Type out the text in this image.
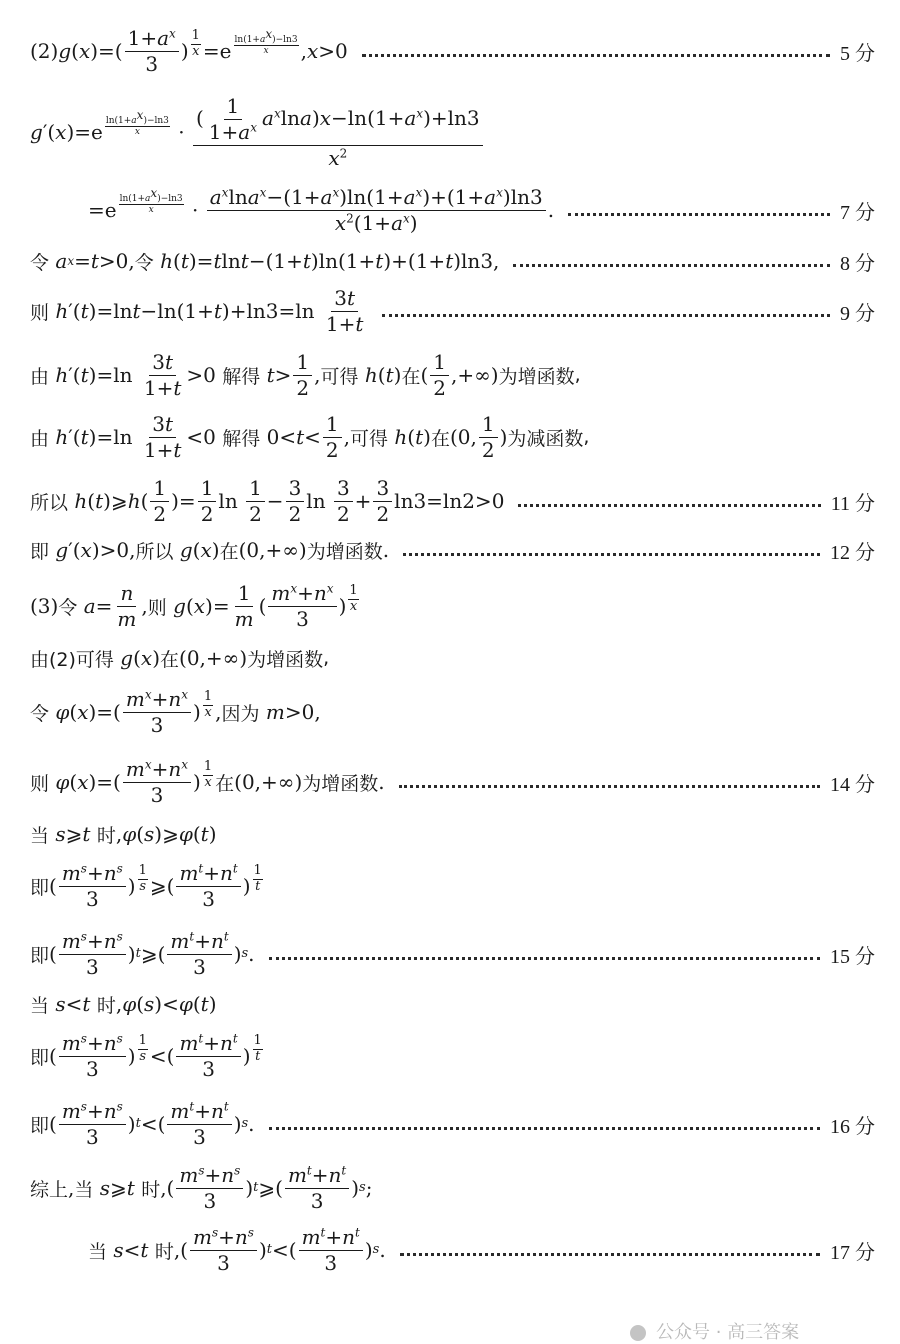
(2) g ( x )=( $\frac{1+a^x}{3}$ ) $\frac{1}{x} =e \frac{\ln(1+a^x)-\ln 3}{x}$ , x >0	5 分
g ′( x )$=e \frac{\ln(1+a^x)-\ln 3}{x} \cdot \frac{( \frac{1}{1+a^x} a^x\ln a)x-\ln(1+a^x)+\ln 3}{x^2}$
$=e \frac{\ln(1+a^x)-\ln 3}{x} \cdot \frac{a^x\ln a^x-(1+a^x)\ln(1+a^x)+(1+a^x)\ln 3}{x^2(1+a^x)}$ .	7 分
令
a x = t >0, 令
h ( t )= t ln t −(1+ t )ln(1+ t )+(1+ t )ln3,	8 分
则
h ′( t )=ln t −ln(1+ t )$+\ln 3=\ln \frac{3t}{1+t}$	9 分
由
h ′( t )$=\ln \frac{3t}{1+t} >0$ 解得
$t > \frac{1}{2}$ , 可得
h ( t ) 在 ( $\frac{1}{2}$ ,+∞) 为增函数 ,
由
h ′( t )$=\ln \frac{3t}{1+t} <0$ 解得 $0< t < \frac{1}{2}$ , 可得
h ( t ) 在 (0, $\frac{1}{2}$ ) 为减函数 ,
所以
h ( t )⩾ h ( $\frac{1}{2}$ )= $\frac{1}{2}$ $\ln \frac{1}{2} - \frac{3}{2}$ $\ln \frac{3}{2} + \frac{3}{2} \ln 3=\ln 2>0$	11 分
即
g ′( x )>0, 所以
g ( x ) 在 (0,+∞) 为增函数 .	12 分
(3) 令
$a = \frac{n}{m}$ , 则
g ( x )= $\frac{1}{m}$ ( $\frac{m^x+n^x}{3}$ ) $\frac{1}{x}$
由(2)可得
g ( x ) 在 (0,+∞) 为增函数 ,
令
φ ( x )=( $\frac{m^x+n^x}{3}$ ) $\frac{1}{x}$ , 因为
m >0,
则
φ ( x )=( $\frac{m^x+n^x}{3}$ ) $\frac{1}{x}$ 在 (0,+∞) 为增函数 .	14 分
当
s ⩾ t
时 , φ ( s )⩾ φ ( t )
即 ( $\frac{m^s+n^s}{3}$ ) $\frac{1}{s}$ ⩾( $\frac{m^t+n^t}{3}$ ) $\frac{1}{t}$
即 ( $\frac{m^s+n^s}{3}$ ) t ⩾( $\frac{m^t+n^t}{3}$ ) s .	15 分
当
s < t
时 , φ ( s )< φ ( t )
即 ( $\frac{m^s+n^s}{3}$ ) $\frac{1}{s}$ <( $\frac{m^t+n^t}{3}$ ) $\frac{1}{t}$
即 ( $\frac{m^s+n^s}{3}$ ) t <( $\frac{m^t+n^t}{3}$ ) s .	16 分
综上 , 当
s ⩾ t
时 ,( $\frac{m^s+n^s}{3}$ ) t ⩾( $\frac{m^t+n^t}{3}$ ) s ;
当
s < t
时 ,( $\frac{m^s+n^s}{3}$ ) t <( $\frac{m^t+n^t}{3}$ ) s .	17 分
公众号 · 高三答案
